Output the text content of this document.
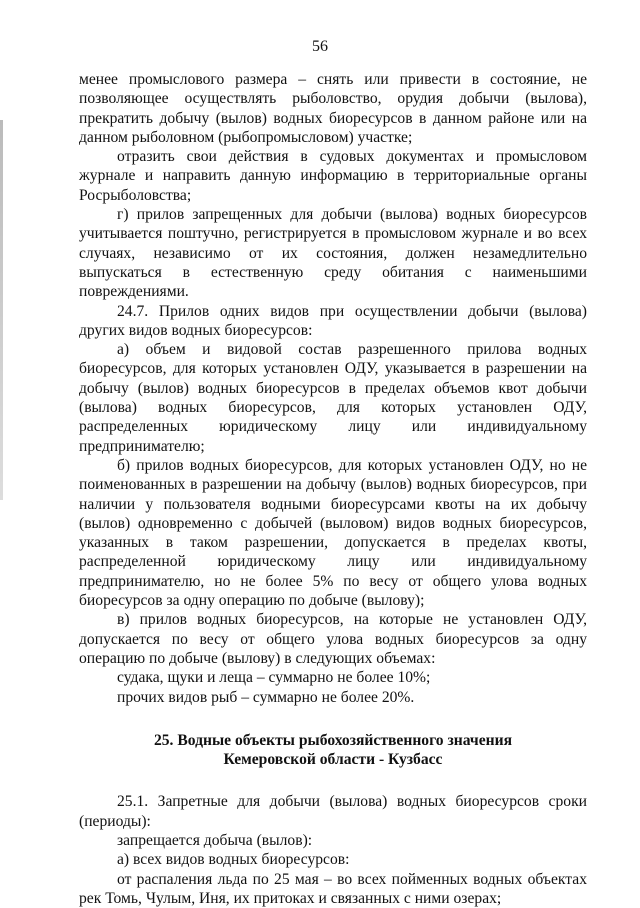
56

менее промыслового размера – снять или привести в состояние, не позволяющее осуществлять рыболовство, орудия добычи (вылова), прекратить добычу (вылов) водных биоресурсов в данном районе или на данном рыболовном (рыбопромысловом) участке;

отразить свои действия в судовых документах и промысловом журнале и направить данную информацию в территориальные органы Росрыболовства;

г) прилов запрещенных для добычи (вылова) водных биоресурсов учитывается поштучно, регистрируется в промысловом журнале и во всех случаях, независимо от их состояния, должен незамедлительно выпускаться в естественную среду обитания с наименьшими повреждениями.

24.7. Прилов одних видов при осуществлении добычи (вылова) других видов водных биоресурсов:

а) объем и видовой состав разрешенного прилова водных биоресурсов, для которых установлен ОДУ, указывается в разрешении на добычу (вылов) водных биоресурсов в пределах объемов квот добычи (вылова) водных биоресурсов, для которых установлен ОДУ, распределенных юридическому лицу или индивидуальному предпринимателю;

б) прилов водных биоресурсов, для которых установлен ОДУ, но не поименованных в разрешении на добычу (вылов) водных биоресурсов, при наличии у пользователя водными биоресурсами квоты на их добычу (вылов) одновременно с добычей (выловом) видов водных биоресурсов, указанных в таком разрешении, допускается в пределах квоты, распределенной юридическому лицу или индивидуальному предпринимателю, но не более 5% по весу от общего улова водных биоресурсов за одну операцию по добыче (вылову);

в) прилов водных биоресурсов, на которые не установлен ОДУ, допускается по весу от общего улова водных биоресурсов за одну операцию по добыче (вылову) в следующих объемах:

судака, щуки и леща – суммарно не более 10%;

прочих видов рыб – суммарно не более 20%.

25. Водные объекты рыбохозяйственного значения

Кемеровской области - Кузбасс

25.1. Запретные для добычи (вылова) водных биоресурсов сроки (периоды):

запрещается добыча (вылов):

а) всех видов водных биоресурсов:

от распаления льда по 25 мая – во всех пойменных водных объектах рек Томь, Чулым, Иня, их притоках и связанных с ними озерах;
